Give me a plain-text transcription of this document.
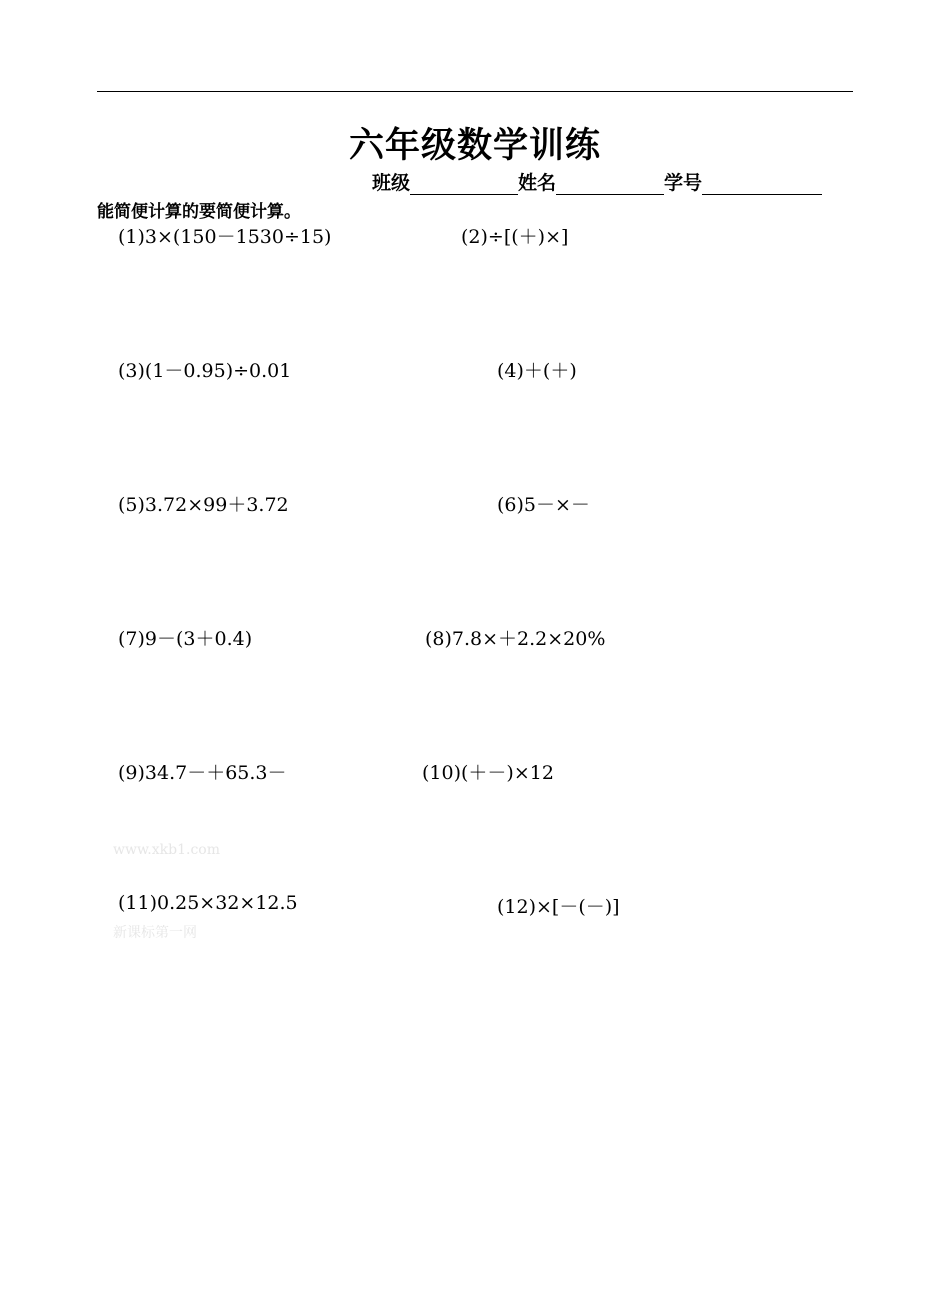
六年级数学训练
班级	姓名	学号
能简便计算的要简便计算。
(1)3×(150－1530÷15)	(2)÷[(＋)×]
(3)(1－0.95)÷0.01	(4)＋(＋)
(5)3.72×99＋3.72	(6)5－×－
(7)9－(3＋0.4)	(8)7.8×＋2.2×20%
(9)34.7－＋65.3－	(10)(＋－)×12
(11)0.25×32×12.5	(12)×[－(－)]
www.xkb1.com
新课标第一网
